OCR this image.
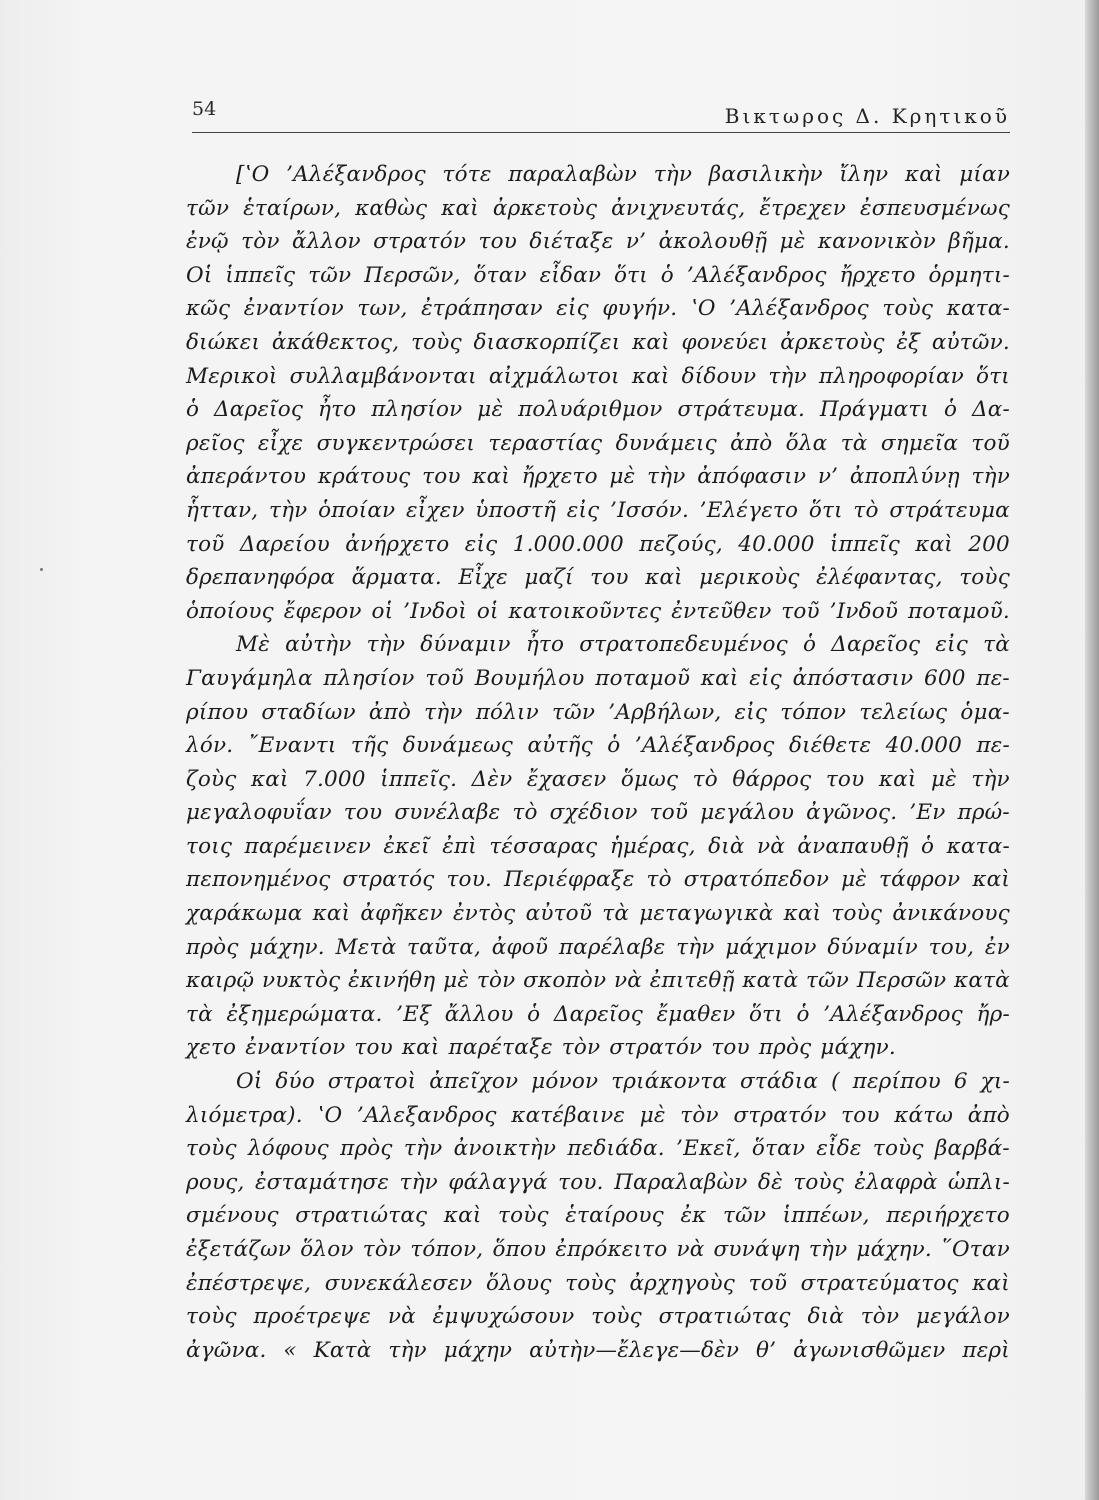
54	Βικτωρος Δ. Κρητικοῦ
[ʽΟ ’Αλέξανδρος τότε παραλαβὼν τὴν βασιλικὴν ἴλην καὶ μίαν
τῶν ἑταίρων, καθὼς καὶ ἀρκετοὺς ἀνιχνευτάς, ἔτρεχεν ἐσπευσμένως
ἐνῷ τὸν ἄλλον στρατόν του διέταξε ν’ ἀκολουθῇ μὲ κανονικὸν βῆμα.
Οἱ ἱππεῖς τῶν Περσῶν, ὅταν εἶδαν ὅτι ὁ ’Αλέξανδρος ἤρχετο ὁρμητι-
κῶς ἐναντίον των, ἐτράπησαν εἰς φυγήν. ʽΟ ’Αλέξανδρος τοὺς κατα-
διώκει ἀκάθεκτος, τοὺς διασκορπίζει καὶ φονεύει ἀρκετοὺς ἐξ αὐτῶν.
Μερικοὶ συλλαμβάνονται αἰχμάλωτοι καὶ δίδουν τὴν πληροφορίαν ὅτι
ὁ Δαρεῖος ἦτο πλησίον μὲ πολυάριθμον στράτευμα. Πράγματι ὁ Δα-
ρεῖος εἶχε συγκεντρώσει τεραστίας δυνάμεις ἀπὸ ὅλα τὰ σημεῖα τοῦ
ἀπεράντου κράτους του καὶ ἤρχετο μὲ τὴν ἀπόφασιν ν’ ἀποπλύνῃ τὴν
ἧτταν, τὴν ὁποίαν εἶχεν ὑποστῆ εἰς ’Ισσόν. ’Ελέγετο ὅτι τὸ στράτευμα
τοῦ Δαρείου ἀνήρχετο εἰς 1.000.000 πεζούς, 40.000 ἱππεῖς καὶ 200
δρεπανηφόρα ἅρματα. Εἶχε μαζί του καὶ μερικοὺς ἐλέφαντας, τοὺς
ὁποίους ἔφερον οἱ ’Ινδοὶ οἱ κατοικοῦντες ἐντεῦθεν τοῦ ’Ινδοῦ ποταμοῦ.
Μὲ αὐτὴν τὴν δύναμιν ἦτο στρατοπεδευμένος ὁ Δαρεῖος εἰς τὰ
Γαυγάμηλα πλησίον τοῦ Βουμήλου ποταμοῦ καὶ εἰς ἀπόστασιν 600 πε-
ρίπου σταδίων ἀπὸ τὴν πόλιν τῶν ’Αρβήλων, εἰς τόπον τελείως ὁμα-
λόν. ῎Εναντι τῆς δυνάμεως αὐτῆς ὁ ’Αλέξανδρος διέθετε 40.000 πε-
ζοὺς καὶ 7.000 ἱππεῖς. Δὲν ἔχασεν ὅμως τὸ θάρρος του καὶ μὲ τὴν
μεγαλοφυΐαν του συνέλαβε τὸ σχέδιον τοῦ μεγάλου ἀγῶνος. ’Εν πρώ-
τοις παρέμεινεν ἐκεῖ ἐπὶ τέσσαρας ἡμέρας, διὰ νὰ ἀναπαυθῇ ὁ κατα-
πεπονημένος στρατός του. Περιέφραξε τὸ στρατόπεδον μὲ τάφρον καὶ
χαράκωμα καὶ ἀφῆκεν ἐντὸς αὐτοῦ τὰ μεταγωγικὰ καὶ τοὺς ἀνικάνους
πρὸς μάχην. Μετὰ ταῦτα, ἀφοῦ παρέλαβε τὴν μάχιμον δύναμίν του, ἐν
καιρῷ νυκτὸς ἐκινήθη μὲ τὸν σκοπὸν νὰ ἐπιτεθῇ κατὰ τῶν Περσῶν κατὰ
τὰ ἐξημερώματα. ’Εξ ἄλλου ὁ Δαρεῖος ἔμαθεν ὅτι ὁ ’Αλέξανδρος ἤρ-
χετο ἐναντίον του καὶ παρέταξε τὸν στρατόν του πρὸς μάχην.
Οἱ δύο στρατοὶ ἀπεῖχον μόνον τριάκοντα στάδια ( περίπου 6 χι-
λιόμετρα). ʽΟ ’Αλεξανδρος κατέβαινε μὲ τὸν στρατόν του κάτω ἀπὸ
τοὺς λόφους πρὸς τὴν ἀνοικτὴν πεδιάδα. ’Εκεῖ, ὅταν εἶδε τοὺς βαρβά-
ρους, ἐσταμάτησε τὴν φάλαγγά του. Παραλαβὼν δὲ τοὺς ἐλαφρὰ ὡπλι-
σμένους στρατιώτας καὶ τοὺς ἑταίρους ἐκ τῶν ἱππέων, περιήρχετο
ἐξετάζων ὅλον τὸν τόπον, ὅπου ἐπρόκειτο νὰ συνάψη τὴν μάχην. ῞Οταν
ἐπέστρεψε, συνεκάλεσεν ὅλους τοὺς ἀρχηγοὺς τοῦ στρατεύματος καὶ
τοὺς προέτρεψε νὰ ἐμψυχώσουν τοὺς στρατιώτας διὰ τὸν μεγάλον
ἀγῶνα. « Κατὰ τὴν μάχην αὐτὴν—ἔλεγε—δὲν θ’ ἀγωνισθῶμεν περὶ
